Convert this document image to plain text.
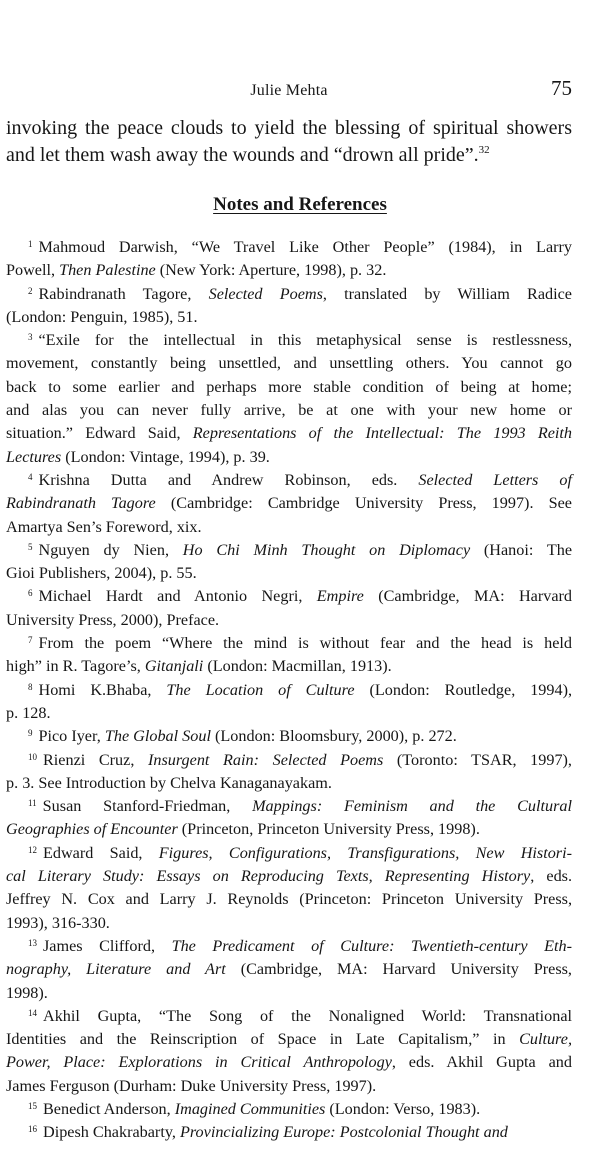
Julie Mehta	75
invoking the peace clouds to yield the blessing of spiritual showers
and let them wash away the wounds and “drown all pride”.$^{32}$
Notes and References
$^1$ Mahmoud Darwish, “We Travel Like Other People” (1984), in Larry
Powell, Then Palestine (New York: Aperture, 1998), p. 32.
$^2$ Rabindranath Tagore, Selected Poems, translated by William Radice
(London: Penguin, 1985), 51.
$^3$ “Exile for the intellectual in this metaphysical sense is restlessness,
movement, constantly being unsettled, and unsettling others. You cannot go
back to some earlier and perhaps more stable condition of being at home;
and alas you can never fully arrive, be at one with your new home or
situation.” Edward Said, Representations of the Intellectual: The 1993 Reith
Lectures (London: Vintage, 1994), p. 39.
$^4$ Krishna Dutta and Andrew Robinson, eds. Selected Letters of
Rabindranath Tagore (Cambridge: Cambridge University Press, 1997). See
Amartya Sen’s Foreword, xix.
$^5$ Nguyen dy Nien, Ho Chi Minh Thought on Diplomacy (Hanoi: The
Gioi Publishers, 2004), p. 55.
$^6$ Michael Hardt and Antonio Negri, Empire (Cambridge, MA: Harvard
University Press, 2000), Preface.
$^7$ From the poem “Where the mind is without fear and the head is held
high” in R. Tagore’s, Gitanjali (London: Macmillan, 1913).
$^8$ Homi K.Bhaba, The Location of Culture (London: Routledge, 1994),
p. 128.
$^9$ Pico Iyer, The Global Soul (London: Bloomsbury, 2000), p. 272.
$^{10}$ Rienzi Cruz, Insurgent Rain: Selected Poems (Toronto: TSAR, 1997),
p. 3. See Introduction by Chelva Kanaganayakam.
$^{11}$ Susan Stanford-Friedman, Mappings: Feminism and the Cultural
Geographies of Encounter (Princeton, Princeton University Press, 1998).
$^{12}$ Edward Said, Figures, Configurations, Transfigurations, New Histori-
cal Literary Study: Essays on Reproducing Texts, Representing History, eds.
Jeffrey N. Cox and Larry J. Reynolds (Princeton: Princeton University Press,
1993), 316-330.
$^{13}$ James Clifford, The Predicament of Culture: Twentieth-century Eth-
nography, Literature and Art (Cambridge, MA: Harvard University Press,
1998).
$^{14}$ Akhil Gupta, “The Song of the Nonaligned World: Transnational
Identities and the Reinscription of Space in Late Capitalism,” in Culture,
Power, Place: Explorations in Critical Anthropology, eds. Akhil Gupta and
James Ferguson (Durham: Duke University Press, 1997).
$^{15}$ Benedict Anderson, Imagined Communities (London: Verso, 1983).
$^{16}$ Dipesh Chakrabarty, Provincializing Europe: Postcolonial Thought and
